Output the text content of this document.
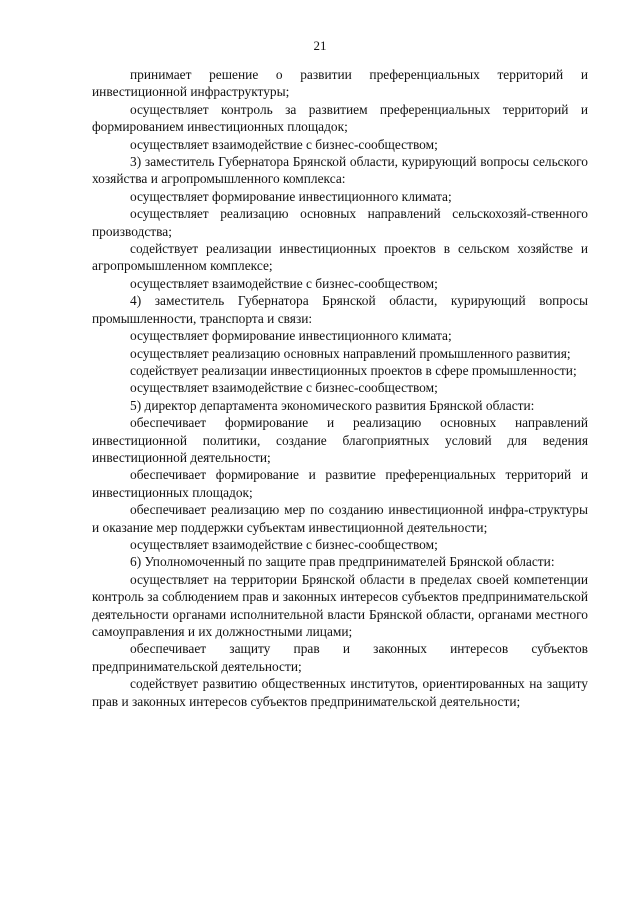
21

принимает решение о развитии преференциальных территорий и инвестиционной инфраструктуры;

осуществляет контроль за развитием преференциальных территорий и формированием инвестиционных площадок;

осуществляет взаимодействие с бизнес-сообществом;

3) заместитель Губернатора Брянской области, курирующий вопросы сельского хозяйства и агропромышленного комплекса:

осуществляет формирование инвестиционного климата;

осуществляет реализацию основных направлений сельскохозяй-ственного производства;

содействует реализации инвестиционных проектов в сельском хозяйстве и агропромышленном комплексе;

осуществляет взаимодействие с бизнес-сообществом;

4) заместитель Губернатора Брянской области, курирующий вопросы промышленности, транспорта и связи:

осуществляет формирование инвестиционного климата;

осуществляет реализацию основных направлений промышленного развития;

содействует реализации инвестиционных проектов в сфере промышленности;

осуществляет взаимодействие с бизнес-сообществом;

5) директор департамента экономического развития Брянской области:

обеспечивает формирование и реализацию основных направлений инвестиционной политики, создание благоприятных условий для ведения инвестиционной деятельности;

обеспечивает формирование и развитие преференциальных территорий и инвестиционных площадок;

обеспечивает реализацию мер по созданию инвестиционной инфра-структуры и оказание мер поддержки субъектам инвестиционной деятельности;

осуществляет взаимодействие с бизнес-сообществом;

6) Уполномоченный по защите прав предпринимателей Брянской области:

осуществляет на территории Брянской области в пределах своей компетенции контроль за соблюдением прав и законных интересов субъектов предпринимательской деятельности органами исполнительной власти Брянской области, органами местного самоуправления и их должностными лицами;

обеспечивает защиту прав и законных интересов субъектов предпринимательской деятельности;

содействует развитию общественных институтов, ориентированных на защиту прав и законных интересов субъектов предпринимательской деятельности;
